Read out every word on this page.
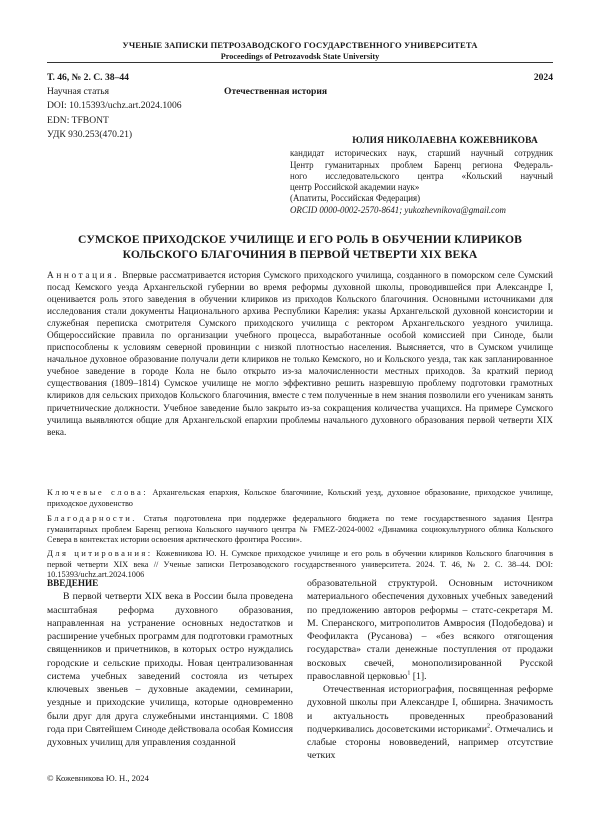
УЧЕНЫЕ ЗАПИСКИ ПЕТРОЗАВОДСКОГО ГОСУДАРСТВЕННОГО УНИВЕРСИТЕТА
Proceedings of Petrozavodsk State University
Т. 46, № 2. С. 38–44	2024
Научная статья	Отечественная история
DOI: 10.15393/uchz.art.2024.1006
EDN: TFBONT
УДК 930.253(470.21)
ЮЛИЯ НИКОЛАЕВНА КОЖЕВНИКОВА
кандидат исторических наук, старший научный сотрудник
Центр гуманитарных проблем Баренц региона Федераль-
ного исследовательского центра «Кольский научный
центр Российской академии наук»
(Апатиты, Российская Федерация)
ORCID 0000-0002-2570-8641; yukozhevnikova@gmail.com
СУМСКОЕ ПРИХОДСКОЕ УЧИЛИЩЕ И ЕГО РОЛЬ В ОБУЧЕНИИ КЛИРИКОВ
КОЛЬСКОГО БЛАГОЧИНИЯ В ПЕРВОЙ ЧЕТВЕРТИ XIX ВЕКА
Аннотация. Впервые рассматривается история Сумского приходского училища, созданного в поморском селе Сумский посад Кемского уезда Архангельской губернии во время реформы духовной школы, проводившейся при Александре I, оценивается роль этого заведения в обучении клириков из приходов Кольского благочиния. Основными источниками для исследования стали документы Национального архива Республики Карелия: указы Архангельской духовной консистории и служебная переписка смотрителя Сумского приходского училища с ректором Архангельского уездного училища. Общероссийские правила по организации учебного процесса, выработанные особой комиссией при Синоде, были приспособлены к условиям северной провинции с низкой плотностью населения. Выясняется, что в Сумском училище начальное духовное образование получали дети клириков не только Кемского, но и Кольского уезда, так как запланированное учебное заведение в городе Кола не было открыто из-за малочисленности местных приходов. За краткий период существования (1809–1814) Сумское училище не могло эффективно решить назревшую проблему подготовки грамотных клириков для сельских приходов Кольского благочиния, вместе с тем полученные в нем знания позволили его ученикам занять причетнические должности. Учебное заведение было закрыто из-за сокращения количества учащихся. На примере Сумского училища выявляются общие для Архангельской епархии проблемы начального духовного образования первой четверти XIX века.
Ключевые слова: Архангельская епархия, Кольское благочиние, Кольский уезд, духовное образование, приходское училище, приходское духовенство
Благодарности. Статья подготовлена при поддержке федерального бюджета по теме государственного задания Центра гуманитарных проблем Баренц региона Кольского научного центра № FMEZ-2024-0002 «Динамика социокультурного облика Кольского Севера в контекстах истории освоения арктического фронтира России».
Для цитирования: Кожевникова Ю. Н. Сумское приходское училище и его роль в обучении клириков Кольского благочиния в первой четверти XIX века // Ученые записки Петрозаводского государственного университета. 2024. Т. 46, № 2. С. 38–44. DOI: 10.15393/uchz.art.2024.1006
ВВЕДЕНИЕ

В первой четверти XIX века в России была проведена масштабная реформа духовного образования, направленная на устранение основных недостатков и расширение учебных программ для подготовки грамотных священников и причетников, в которых остро нуждались городские и сельские приходы. Новая централизованная система учебных заведений состояла из четырех ключевых звеньев – духовные академии, семинарии, уездные и приходские училища, которые одновременно были друг для друга служебными инстанциями. С 1808 года при Святейшем Синоде действовала особая Комиссия духовных училищ для управления созданной

образовательной структурой. Основным источником материального обеспечения духовных учебных заведений по предложению авторов реформы – статс-секретаря М. М. Сперанского, митрополитов Амвросия (Подобедова) и Феофилакта (Русанова) – «без всякого отягощения государства» стали денежные поступления от продажи восковых свечей, монополизированной Русской православной церковью$^1$ [1].

Отечественная историография, посвященная реформе духовной школы при Александре I, обширна. Значимость и актуальность проведенных преобразований подчеркивались досоветскими историками$^2$. Отмечались и слабые стороны нововведений, например отсутствие четких

© Кожевникова Ю. Н., 2024
